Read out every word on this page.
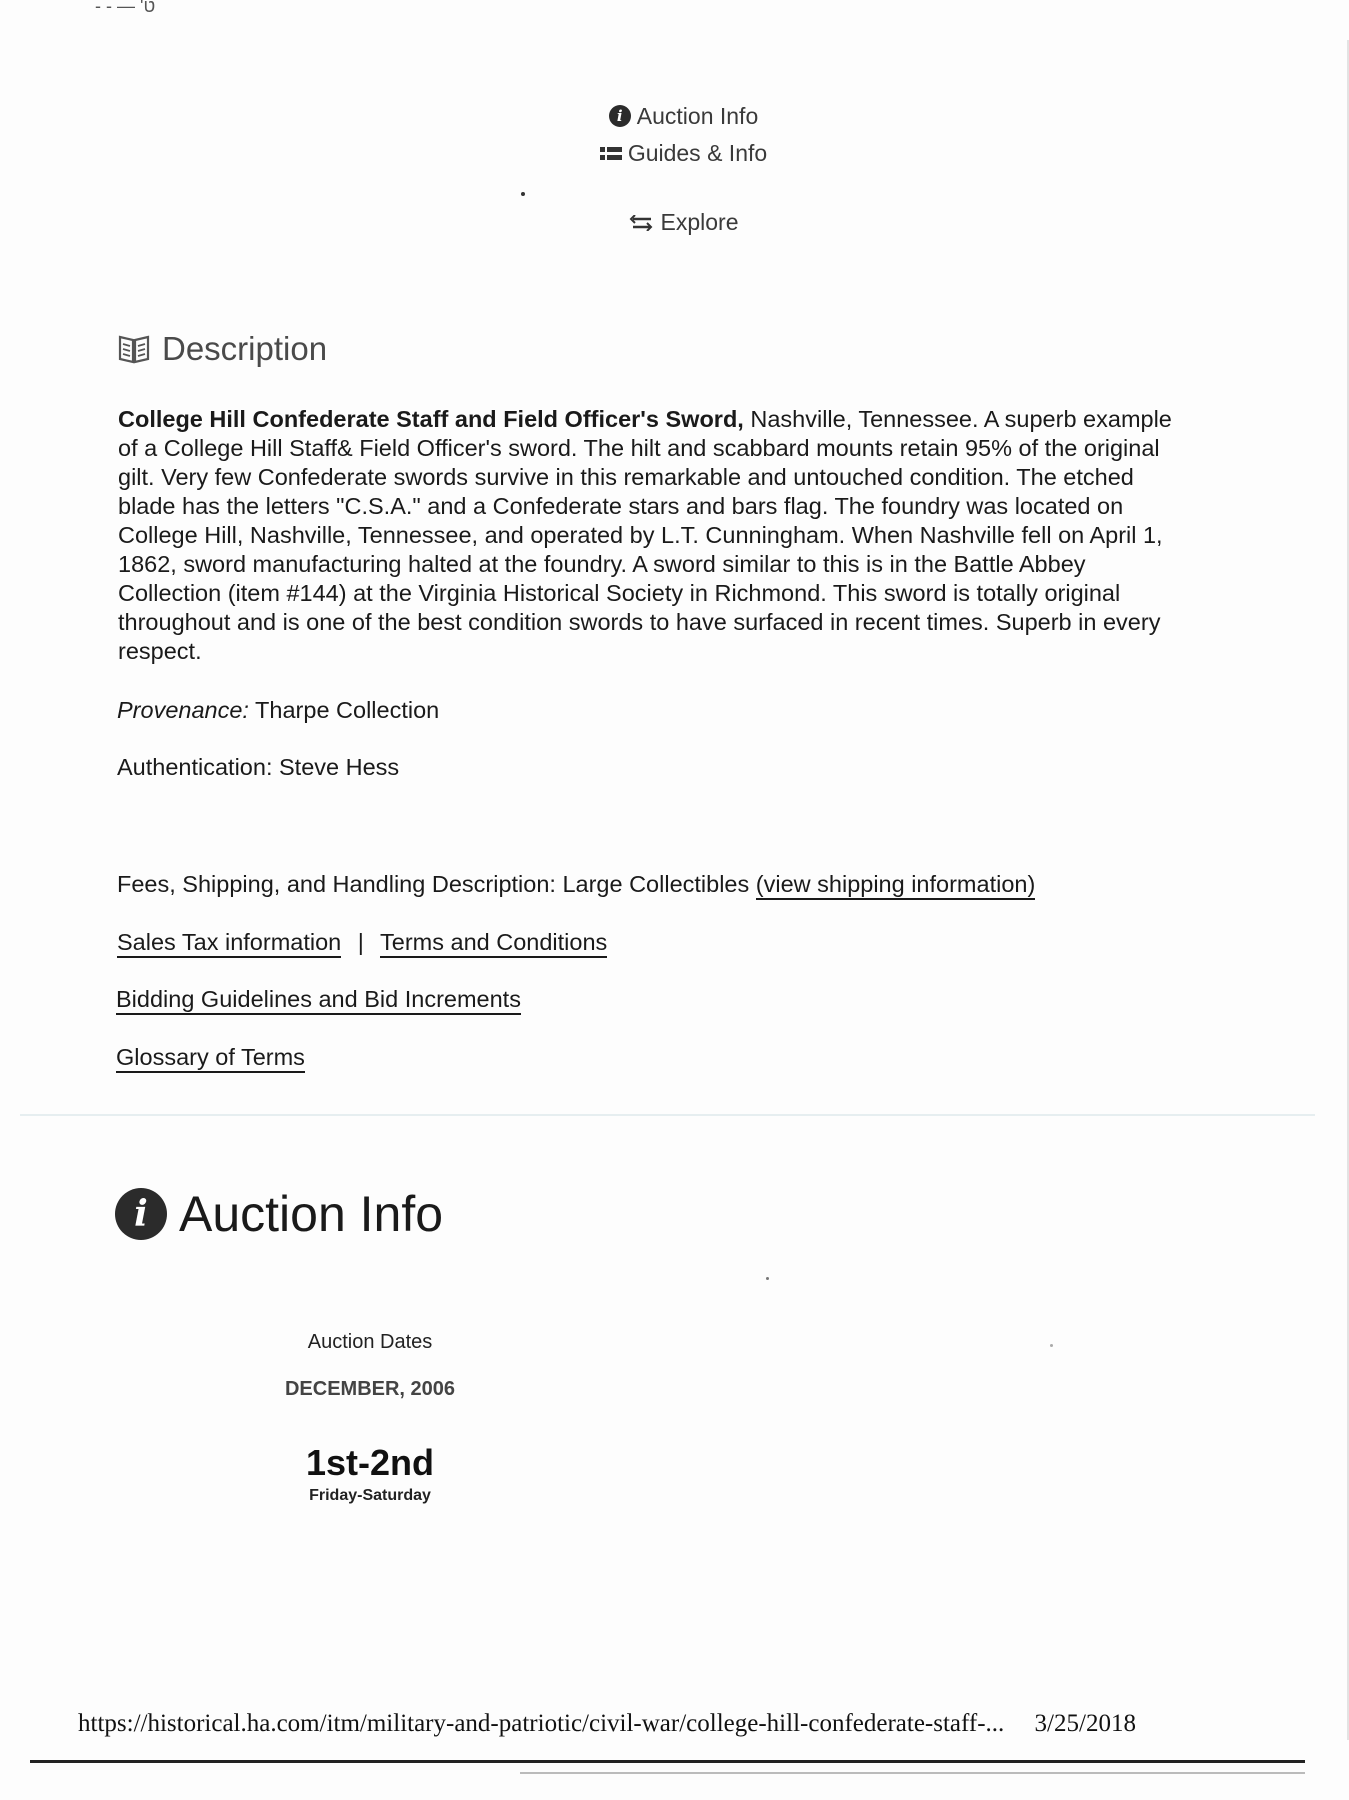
- - — 'ט
i Auction Info
Guides & Info
Explore
Description
College Hill Confederate Staff and Field Officer's Sword, Nashville, Tennessee. A superb example of a College Hill Staff& Field Officer's sword. The hilt and scabbard mounts retain 95% of the original gilt. Very few Confederate swords survive in this remarkable and untouched condition. The etched blade has the letters "C.S.A." and a Confederate stars and bars flag. The foundry was located on College Hill, Nashville, Tennessee, and operated by L.T. Cunningham. When Nashville fell on April 1, 1862, sword manufacturing halted at the foundry. A sword similar to this is in the Battle Abbey Collection (item #144) at the Virginia Historical Society in Richmond. This sword is totally original throughout and is one of the best condition swords to have surfaced in recent times. Superb in every respect.
Provenance: Tharpe Collection
Authentication: Steve Hess
Fees, Shipping, and Handling Description: Large Collectibles (view shipping information)
Sales Tax information | Terms and Conditions
Bidding Guidelines and Bid Increments
Glossary of Terms
i Auction Info
Auction Dates
DECEMBER, 2006
1st-2nd
Friday-Saturday
https://historical.ha.com/itm/military-and-patriotic/civil-war/college-hill-confederate-staff-... 3/25/2018
